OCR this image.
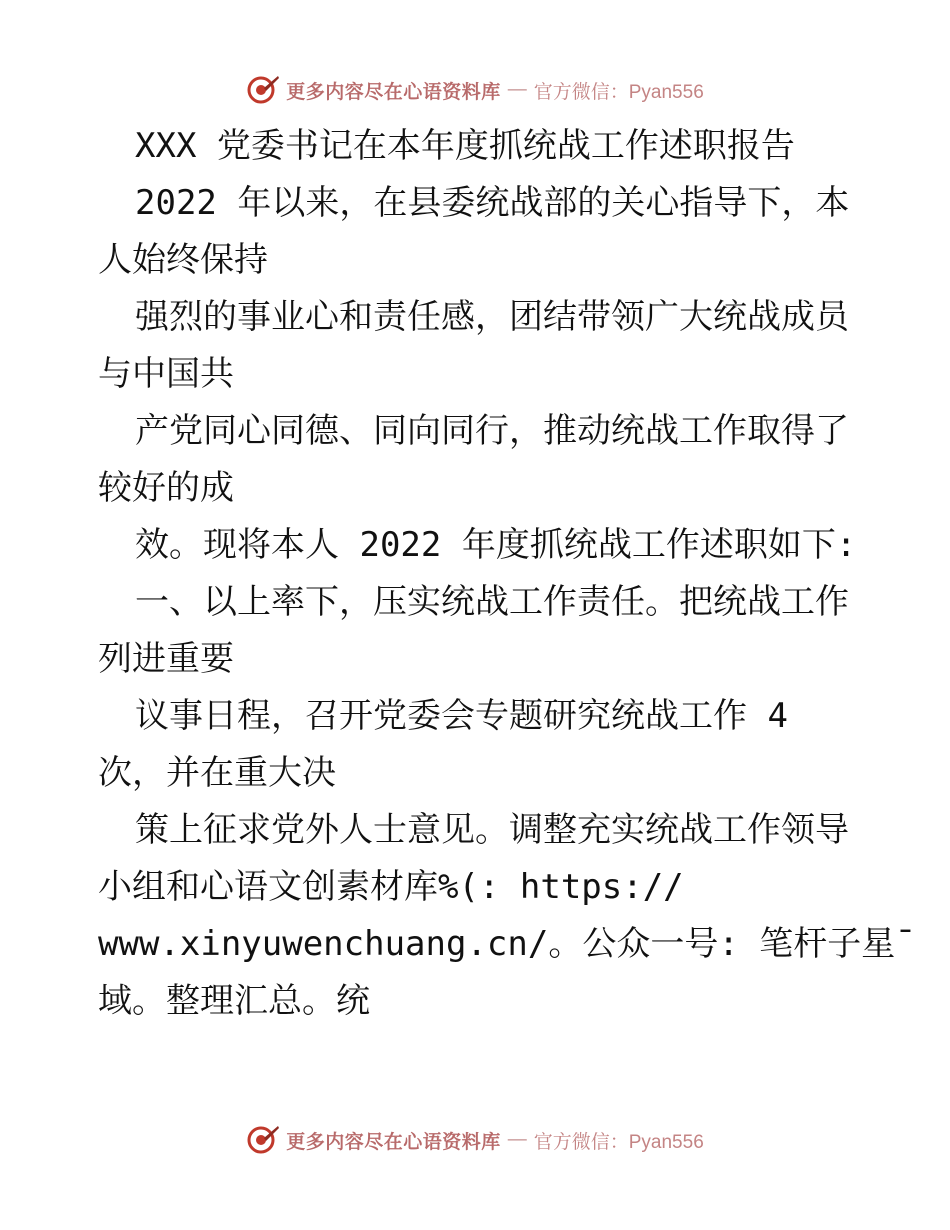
更多内容尽在心语资料库 — 官方微信：Pyan556
XXX 党委书记在本年度抓统战工作述职报告
2022 年以来，在县委统战部的关心指导下，本
人始终保持
强烈的事业心和责任感，团结带领广大统战成员
与中国共
产党同心同德、同向同行，推动统战工作取得了
较好的成
效。现将本人 2022 年度抓统战工作述职如下:
一、以上率下，压实统战工作责任。把统战工作
列进重要
议事日程，召开党委会专题研究统战工作 4
次，并在重大决
策上征求党外人士意见。调整充实统战工作领导
小组和心语文创素材库%(: https://
www.xinyuwenchuang.cn/。公众一号: 笔杆子星¯
域。整理汇总。统
更多内容尽在心语资料库 — 官方微信：Pyan556
